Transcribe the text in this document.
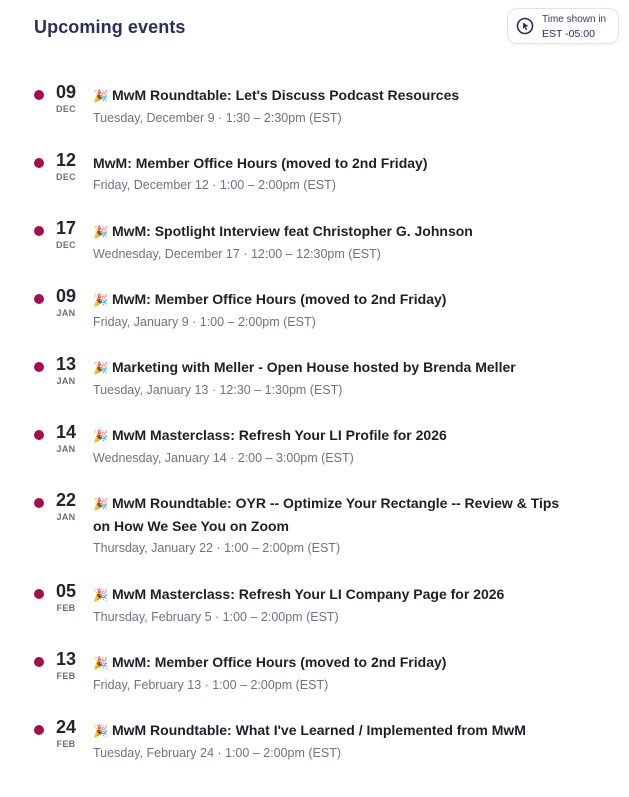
Upcoming events	Time shown in
EST -05:00
09
DEC
🎉 MwM Roundtable: Let's Discuss Podcast Resources
Tuesday, December 9 · 1:30 – 2:30pm (EST)
12
DEC
MwM: Member Office Hours (moved to 2nd Friday)
Friday, December 12 · 1:00 – 2:00pm (EST)
17
DEC
🎉 MwM: Spotlight Interview feat Christopher G. Johnson
Wednesday, December 17 · 12:00 – 12:30pm (EST)
09
JAN
🎉 MwM: Member Office Hours (moved to 2nd Friday)
Friday, January 9 · 1:00 – 2:00pm (EST)
13
JAN
🎉 Marketing with Meller - Open House hosted by Brenda Meller
Tuesday, January 13 · 12:30 – 1:30pm (EST)
14
JAN
🎉 MwM Masterclass: Refresh Your LI Profile for 2026
Wednesday, January 14 · 2:00 – 3:00pm (EST)
22
JAN
🎉 MwM Roundtable: OYR -- Optimize Your Rectangle -- Review & Tips on How We See You on Zoom
Thursday, January 22 · 1:00 – 2:00pm (EST)
05
FEB
🎉 MwM Masterclass: Refresh Your LI Company Page for 2026
Thursday, February 5 · 1:00 – 2:00pm (EST)
13
FEB
🎉 MwM: Member Office Hours (moved to 2nd Friday)
Friday, February 13 · 1:00 – 2:00pm (EST)
24
FEB
🎉 MwM Roundtable: What I've Learned / Implemented from MwM
Tuesday, February 24 · 1:00 – 2:00pm (EST)
